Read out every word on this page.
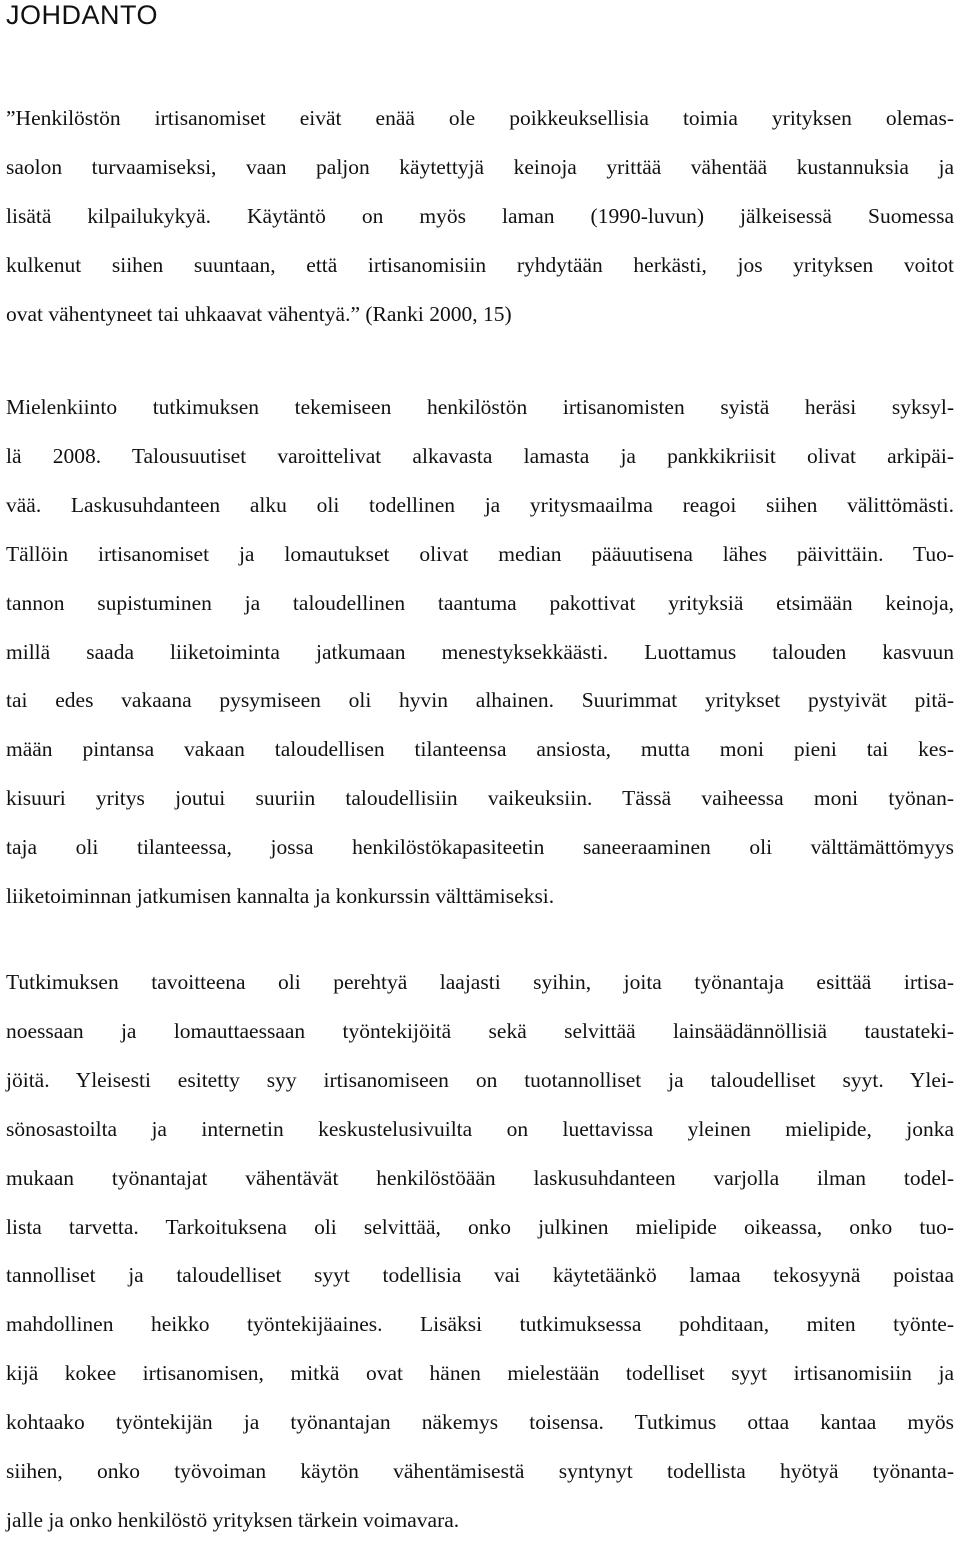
JOHDANTO

”Henkilöstön irtisanomiset eivät enää ole poikkeuksellisia toimia yrityksen olemas-
saolon turvaamiseksi, vaan paljon käytettyjä keinoja yrittää vähentää kustannuksia ja
lisätä kilpailukykyä. Käytäntö on myös laman (1990-luvun) jälkeisessä Suomessa
kulkenut siihen suuntaan, että irtisanomisiin ryhdytään herkästi, jos yrityksen voitot
ovat vähentyneet tai uhkaavat vähentyä.” (Ranki 2000, 15)

Mielenkiinto tutkimuksen tekemiseen henkilöstön irtisanomisten syistä heräsi syksyl-
lä 2008. Talousuutiset varoittelivat alkavasta lamasta ja pankkikriisit olivat arkipäi-
vää. Laskusuhdanteen alku oli todellinen ja yritysmaailma reagoi siihen välittömästi.
Tällöin irtisanomiset ja lomautukset olivat median pääuutisena lähes päivittäin. Tuo-
tannon supistuminen ja taloudellinen taantuma pakottivat yrityksiä etsimään keinoja,
millä saada liiketoiminta jatkumaan menestyksekkäästi. Luottamus talouden kasvuun
tai edes vakaana pysymiseen oli hyvin alhainen. Suurimmat yritykset pystyivät pitä-
mään pintansa vakaan taloudellisen tilanteensa ansiosta, mutta moni pieni tai kes-
kisuuri yritys joutui suuriin taloudellisiin vaikeuksiin. Tässä vaiheessa moni työnan-
taja oli tilanteessa, jossa henkilöstökapasiteetin saneeraaminen oli välttämättömyys
liiketoiminnan jatkumisen kannalta ja konkurssin välttämiseksi.

Tutkimuksen tavoitteena oli perehtyä laajasti syihin, joita työnantaja esittää irtisa-
noessaan ja lomauttaessaan työntekijöitä sekä selvittää lainsäädännöllisiä taustateki-
jöitä. Yleisesti esitetty syy irtisanomiseen on tuotannolliset ja taloudelliset syyt. Ylei-
sönosastoilta ja internetin keskustelusivuilta on luettavissa yleinen mielipide, jonka
mukaan työnantajat vähentävät henkilöstöään laskusuhdanteen varjolla ilman todel-
lista tarvetta. Tarkoituksena oli selvittää, onko julkinen mielipide oikeassa, onko tuo-
tannolliset ja taloudelliset syyt todellisia vai käytetäänkö lamaa tekosyynä poistaa
mahdollinen heikko työntekijäaines. Lisäksi tutkimuksessa pohditaan, miten työnte-
kijä kokee irtisanomisen, mitkä ovat hänen mielestään todelliset syyt irtisanomisiin ja
kohtaako työntekijän ja työnantajan näkemys toisensa. Tutkimus ottaa kantaa myös
siihen, onko työvoiman käytön vähentämisestä syntynyt todellista hyötyä työnanta-
jalle ja onko henkilöstö yrityksen tärkein voimavara.
